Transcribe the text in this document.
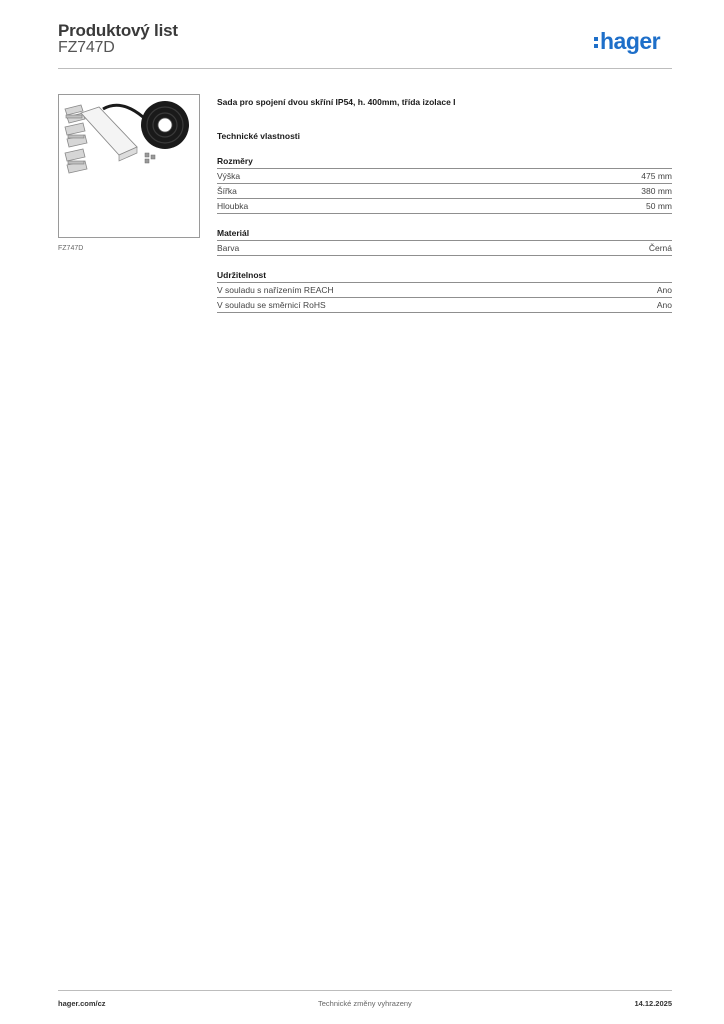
Produktový list
FZ747D	hager
FZ747D
Sada pro spojení dvou skříní IP54, h. 400mm, třída izolace I
Technické vlastnosti
Rozměry
Výška	475 mm
Šířka	380 mm
Hloubka	50 mm
Materiál
Barva	Černá
Udržitelnost
V souladu s nařízením REACH	Ano
V souladu se směrnicí RoHS	Ano
hager.com/cz	Technické změny vyhrazeny	14.12.2025
